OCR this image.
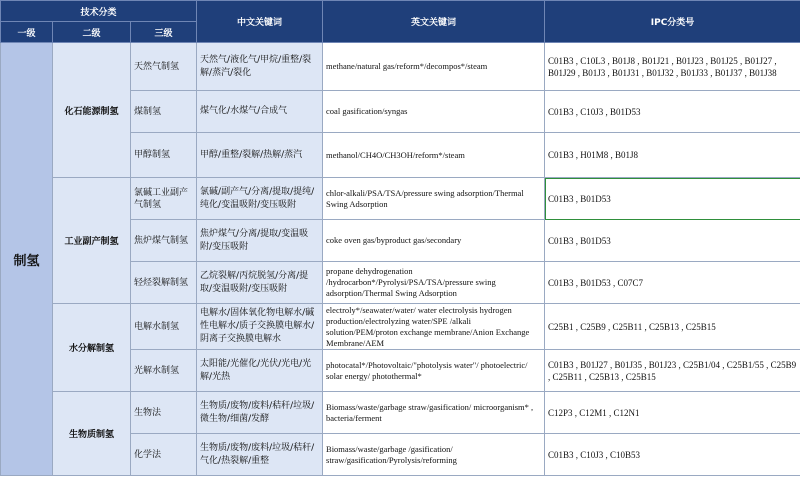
技术分类			中文关键词	英文关键词	IPC分类号
一级	二级	三级			
制氢	化石能源制氢	天然气制氢	天然气/液化气/甲烷/重整/裂解/蒸汽/裂化	methane/natural gas/reform*/decompos*/steam	C01B3 , C10L3 , B01J8 , B01J21 , B01J23 , B01J25 , B01J27 , B01J29 , B01J3 , B01J31 , B01J32 , B01J33 , B01J37 , B01J38
		煤制氢	煤气化/水煤气/合成气	coal gasification/syngas	C01B3 , C10J3 , B01D53
		甲醇制氢	甲醇/重整/裂解/热解/蒸汽	methanol/CH4O/CH3OH/reform*/steam	C01B3 , H01M8 , B01J8
	工业副产制氢	氯碱工业副产气制氢	氯碱/副产气/分离/提取/提纯/纯化/变温吸附/变压吸附	chlor-alkali/PSA/TSA/pressure swing adsorption/Thermal Swing Adsorption	C01B3 , B01D53
		焦炉煤气制氢	焦炉煤气/分离/提取/变温吸附/变压吸附	coke oven gas/byproduct gas/secondary	C01B3 , B01D53
		轻烃裂解制氢	乙烷裂解/丙烷脱氢/分离/提取/变温吸附/变压吸附	propane dehydrogenation /hydrocarbon*/Pyrolysi/PSA/TSA/pressure swing adsorption/Thermal Swing Adsorption	C01B3 , B01D53 , C07C7
	水分解制氢	电解水制氢	电解水/固体氧化物电解水/碱性电解水/质子交换膜电解水/阴离子交换膜电解水	electroly*/seawater/water/ water electrolysis hydrogen production/electrolyzing water/SPE /alkali solution/PEM/proton exchange membrane/Anion Exchange Membrane/AEM	C25B1 , C25B9 , C25B11 , C25B13 , C25B15
		光解水制氢	太阳能/光催化/光伏/光电/光解/光热	photocatal*/Photovoltaic/"photolysis water"/ photoelectric/ solar energy/ photothermal*	C01B3 , B01J27 , B01J35 , B01J23 , C25B1/04 , C25B1/55 , C25B9 , C25B11 , C25B13 , C25B15
	生物质制氢	生物法	生物质/废物/废料/秸秆/垃圾/微生物/细菌/发酵	Biomass/waste/garbage straw/gasification/ microorganism* , bacteria/ferment	C12P3 , C12M1 , C12N1
		化学法	生物质/废物/废料/垃圾/秸秆/气化/热裂解/重整	Biomass/waste/garbage /gasification/ straw/gasification/Pyrolysis/reforming	C01B3 , C10J3 , C10B53
